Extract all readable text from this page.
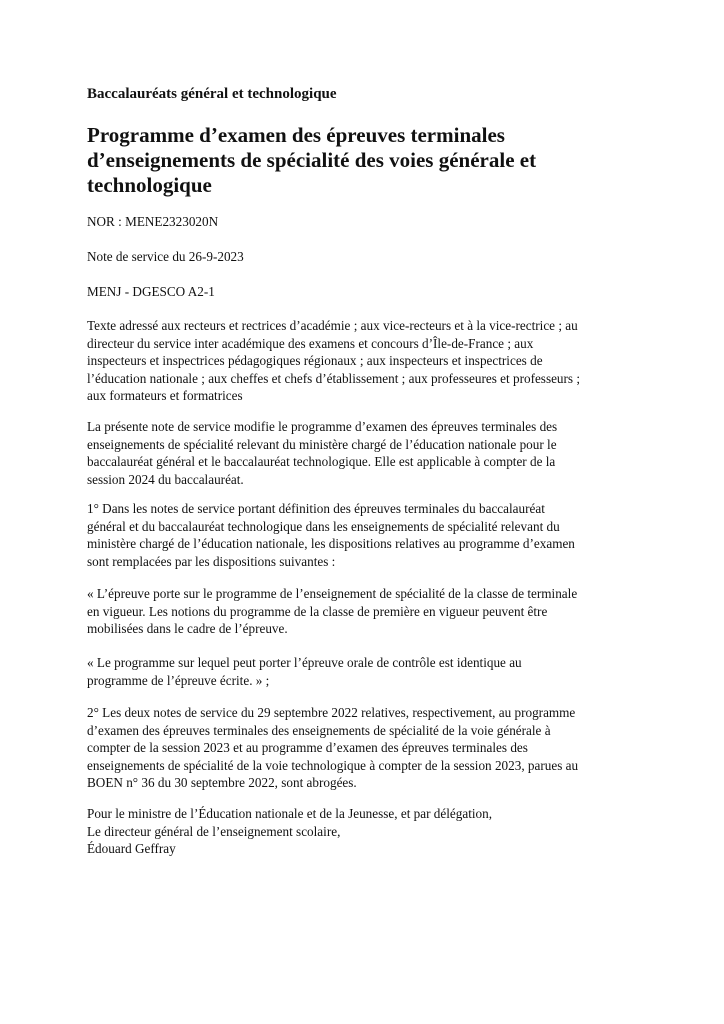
Baccalauréats général et technologique
Programme d’examen des épreuves terminales
d’enseignements de spécialité des voies générale et
technologique

NOR : MENE2323020N

Note de service du 26-9-2023

MENJ - DGESCO A2-1

Texte adressé aux recteurs et rectrices d’académie ; aux vice-recteurs et à la vice-rectrice ; au
directeur du service inter académique des examens et concours d’Île-de-France ; aux
inspecteurs et inspectrices pédagogiques régionaux ; aux inspecteurs et inspectrices de
l’éducation nationale ; aux cheffes et chefs d’établissement ; aux professeures et professeurs ;
aux formateurs et formatrices

La présente note de service modifie le programme d’examen des épreuves terminales des
enseignements de spécialité relevant du ministère chargé de l’éducation nationale pour le
baccalauréat général et le baccalauréat technologique. Elle est applicable à compter de la
session 2024 du baccalauréat.

1° Dans les notes de service portant définition des épreuves terminales du baccalauréat
général et du baccalauréat technologique dans les enseignements de spécialité relevant du
ministère chargé de l’éducation nationale, les dispositions relatives au programme d’examen
sont remplacées par les dispositions suivantes :

« L’épreuve porte sur le programme de l’enseignement de spécialité de la classe de terminale
en vigueur. Les notions du programme de la classe de première en vigueur peuvent être
mobilisées dans le cadre de l’épreuve.

« Le programme sur lequel peut porter l’épreuve orale de contrôle est identique au
programme de l’épreuve écrite. » ;

2° Les deux notes de service du 29 septembre 2022 relatives, respectivement, au programme
d’examen des épreuves terminales des enseignements de spécialité de la voie générale à
compter de la session 2023 et au programme d’examen des épreuves terminales des
enseignements de spécialité de la voie technologique à compter de la session 2023, parues au
BOEN n° 36 du 30 septembre 2022, sont abrogées.

Pour le ministre de l’Éducation nationale et de la Jeunesse, et par délégation,
Le directeur général de l’enseignement scolaire,
Édouard Geffray
